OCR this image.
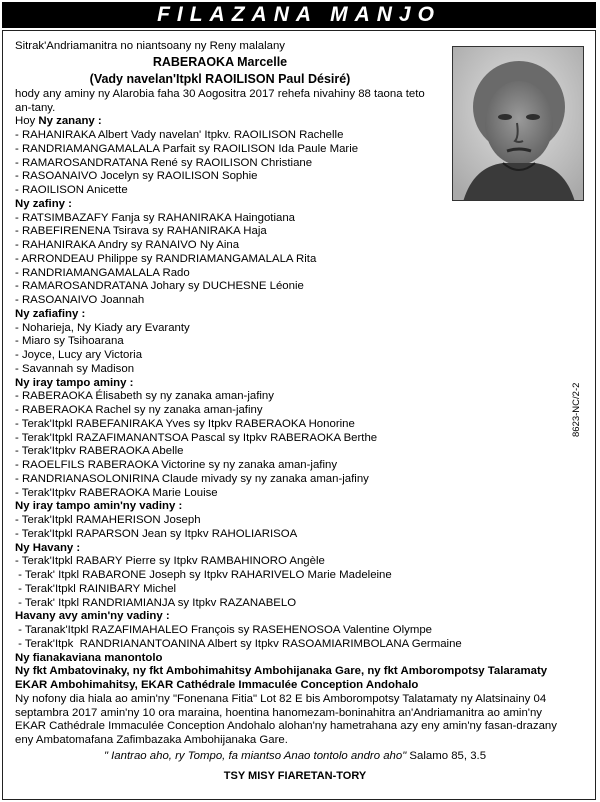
FILAZANA MANJO
8623-NC/2-2
Sitrak'Andriamanitra no niantsoany ny Reny malalany
RABERAOKA Marcelle
(Vady navelan'Itpkl RAOILISON Paul Désiré)
hody any aminy ny Alarobia faha 30 Aogositra 2017 rehefa nivahiny 88 taona teto an-tany.
Hoy Ny zanany :
- RAHANIRAKA Albert Vady navelan' Itpkv. RAOILISON Rachelle
- RANDRIAMANGAMALALA Parfait sy RAOILISON Ida Paule Marie
- RAMAROSANDRATANA René sy RAOILISON Christiane
- RASOANAIVO Jocelyn sy RAOILISON Sophie
- RAOILISON Anicette
Ny zafiny :
- RATSIMBAZAFY Fanja sy RAHANIRAKA Haingotiana
- RABEFIRENENA Tsirava sy RAHANIRAKA Haja
- RAHANIRAKA Andry sy RANAIVO Ny Aina
- ARRONDEAU Philippe sy RANDRIAMANGAMALALA Rita
- RANDRIAMANGAMALALA Rado
- RAMAROSANDRATANA Johary sy DUCHESNE Léonie
- RASOANAIVO Joannah
Ny zafiafiny :
- Noharieja, Ny Kiady ary Evaranty
- Miaro sy Tsihoarana
- Joyce, Lucy ary Victoria
- Savannah sy Madison
Ny iray tampo aminy :
- RABERAOKA Élisabeth sy ny zanaka aman-jafiny
- RABERAOKA Rachel sy ny zanaka aman-jafiny
- Terak'Itpkl RABEFANIRAKA Yves sy Itpkv RABERAOKA Honorine
- Terak'Itpkl RAZAFIMANANTSOA Pascal sy Itpkv RABERAOKA Berthe
- Terak'Itpkv RABERAOKA Abelle
- RAOELFILS RABERAOKA Victorine sy ny zanaka aman-jafiny
- RANDRIANASOLONIRINA Claude mivady sy ny zanaka aman-jafiny
- Terak'Itpkv RABERAOKA Marie Louise
Ny iray tampo amin'ny vadiny :
- Terak'Itpkl RAMAHERISON Joseph
- Terak'Itpkl RAPARSON Jean sy Itpkv RAHOLIARISOA
Ny Havany :
- Terak'Itpkl RABARY Pierre sy Itpkv RAMBAHINORO Angèle
- Terak' Itpkl RABARONE Joseph sy Itpkv RAHARIVELO Marie Madeleine
- Terak'Itpkl RAINIBARY Michel
- Terak' Itpkl RANDRIAMIANJA sy Itpkv RAZANABELO
Havany avy amin'ny vadiny :
- Taranak'Itpkl RAZAFIMAHALEO François sy RASEHENOSOA Valentine Olympe
- Terak'Itpk  RANDRIANANTOANINA Albert sy Itpkv RASOAMIARIMBOLANA Germaine
Ny fianakaviana manontolo
Ny fkt Ambatovinaky, ny fkt Ambohimahitsy Ambohijanaka Gare, ny fkt Amborompotsy Talaramaty EKAR Ambohimahitsy, EKAR Cathédrale Immaculée Conception Andohalo
Ny nofony dia hiala ao amin'ny "Fonenana Fitia" Lot 82 E bis Amborompotsy Talatamaty ny Alatsinainy 04 septambra 2017 amin'ny 10 ora maraina, hoentina hanomezam-boninahitra an'Andriamanitra ao amin'ny EKAR Cathédrale Immaculée Conception Andohalo alohan'ny hametrahana azy eny amin'ny fasan-drazany eny Ambatomafana Zafimbazaka Ambohijanaka Gare.
" Iantrao aho, ry Tompo, fa miantso Anao tontolo andro aho" Salamo 85, 3.5
TSY MISY FIARETAN-TORY
